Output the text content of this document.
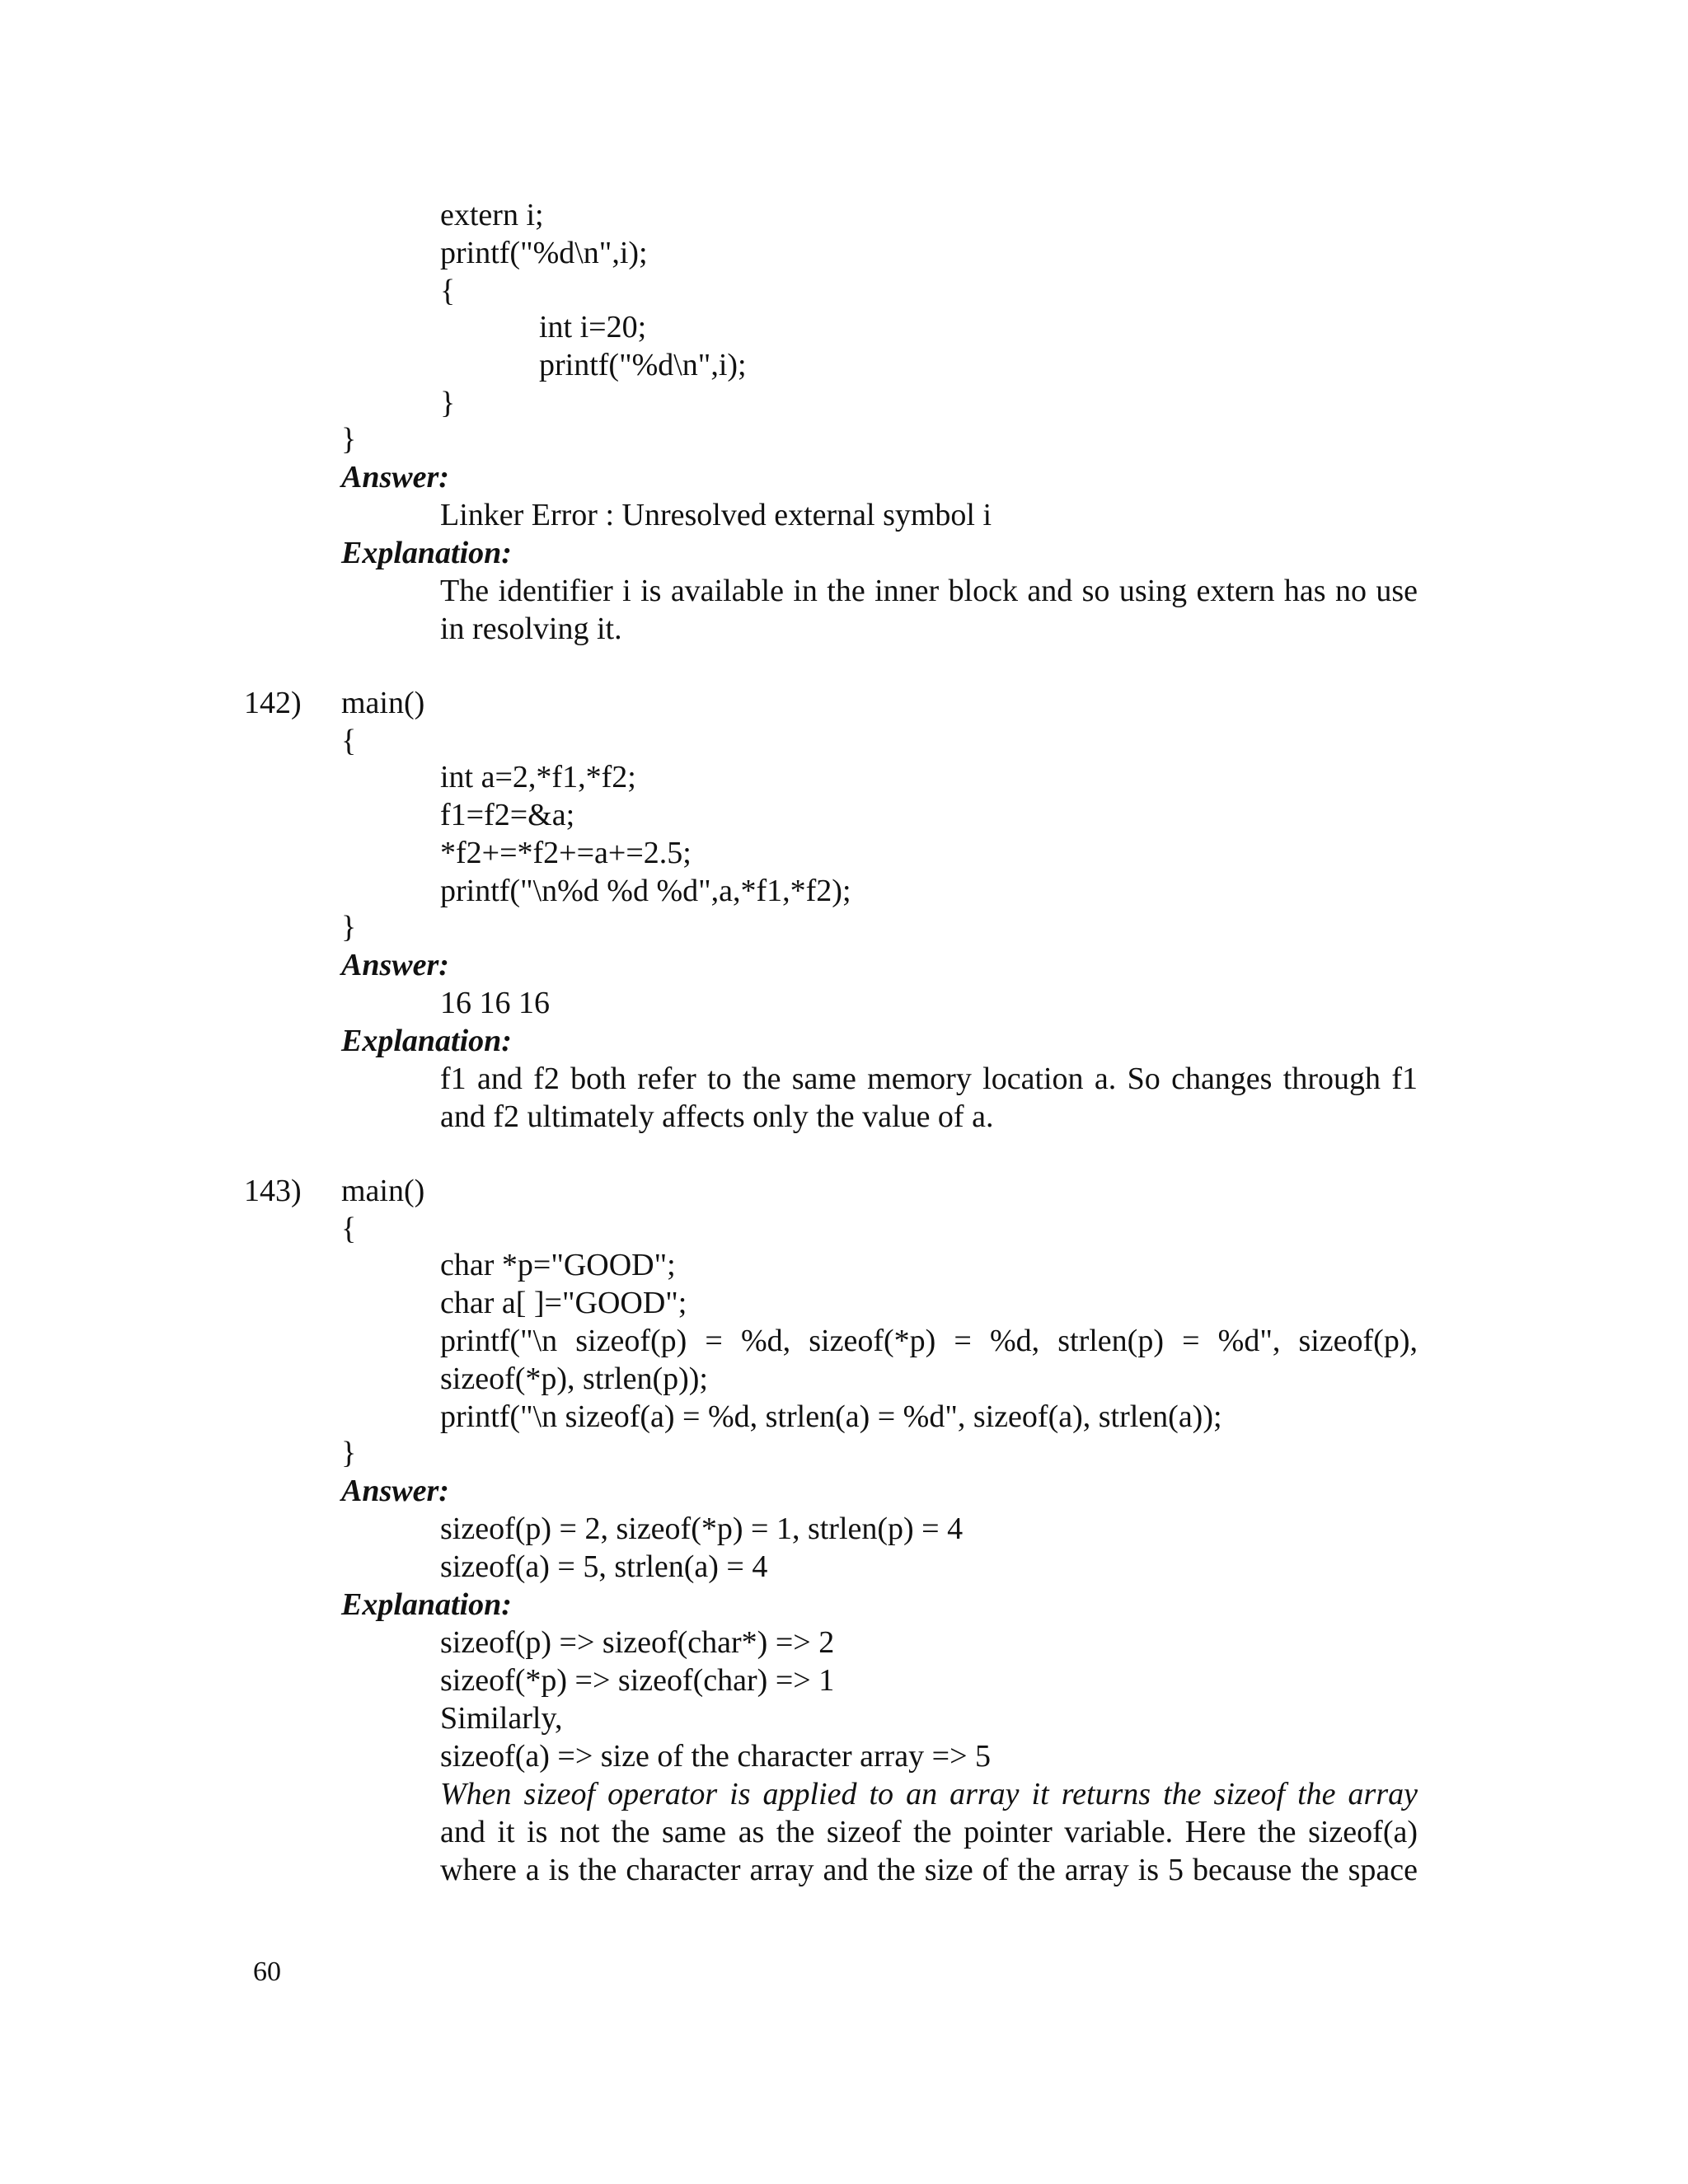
extern i;
printf("%d\n",i);
{
int i=20;
printf("%d\n",i);
}
}
Answer:
Linker Error : Unresolved external symbol i
Explanation:
The identifier i is available in the inner block and so using extern has no use
in resolving it.
142) main()
{
int a=2,*f1,*f2;
f1=f2=&a;
*f2+=*f2+=a+=2.5;
printf("\n%d %d %d",a,*f1,*f2);
}
Answer:
16 16 16
Explanation:
f1 and f2 both refer to the same memory location a. So changes through f1
and f2 ultimately affects only the value of a.
143) main()
{
char *p="GOOD";
char a[ ]="GOOD";
printf("\n sizeof(p) = %d, sizeof(*p) = %d, strlen(p) = %d", sizeof(p),
sizeof(*p), strlen(p));
printf("\n sizeof(a) = %d, strlen(a) = %d", sizeof(a), strlen(a));
}
Answer:
sizeof(p) = 2, sizeof(*p) = 1, strlen(p) = 4
sizeof(a) = 5, strlen(a) = 4
Explanation:
sizeof(p) => sizeof(char*) => 2
sizeof(*p) => sizeof(char) => 1
Similarly,
sizeof(a) => size of the character array => 5
When sizeof operator is applied to an array it returns the sizeof the array
and it is not the same as the sizeof the pointer variable. Here the sizeof(a)
where a is the character array and the size of the array is 5 because the space
60
